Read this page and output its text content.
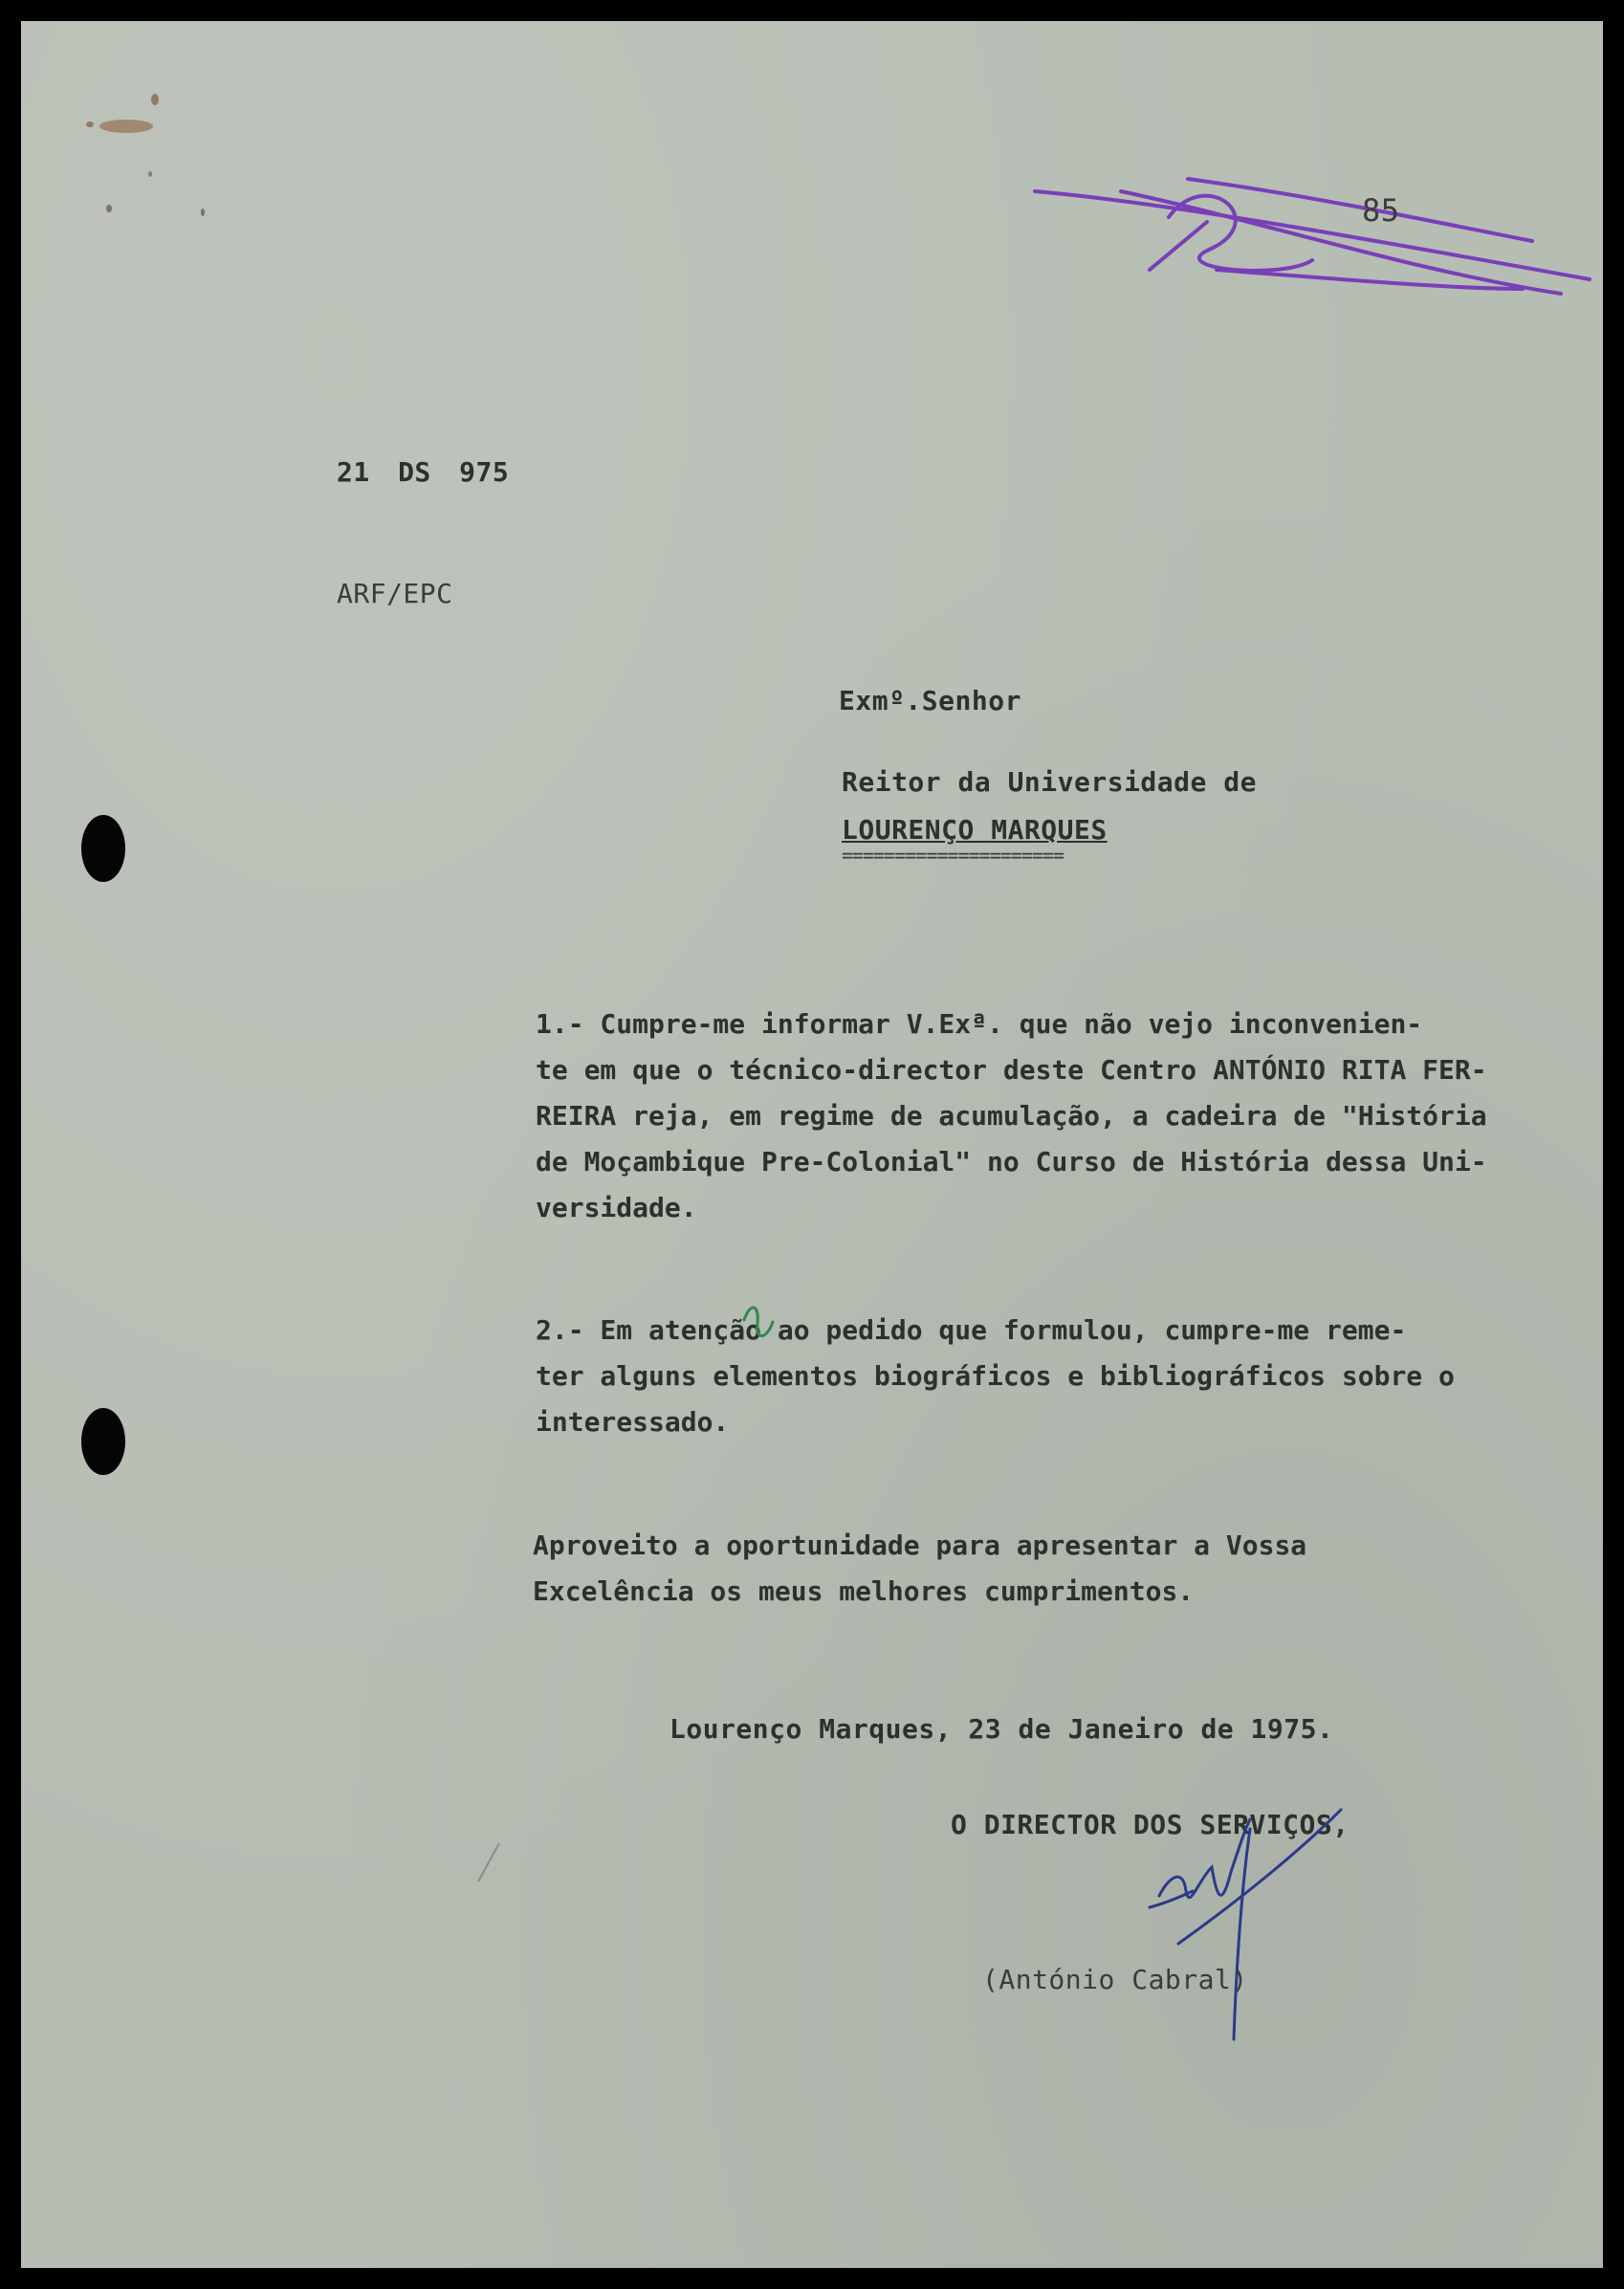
85
21 DS 975
ARF/EPC
Exmº.Senhor
Reitor da Universidade de
LOURENÇO MARQUES
=====================
1.- Cumpre-me informar V.Exª. que não vejo inconvenien-
te em que o técnico-director deste Centro ANTÓNIO RITA FER-
REIRA reja, em regime de acumulação, a cadeira de "História
de Moçambique Pre-Colonial" no Curso de História dessa Uni-
versidade.
2.- Em atenção ao pedido que formulou, cumpre-me reme-
ter alguns elementos biográficos e bibliográficos sobre o
interessado.
Aproveito a oportunidade para apresentar a Vossa
Excelência os meus melhores cumprimentos.
Lourenço Marques, 23 de Janeiro de 1975.
O DIRECTOR DOS SERVIÇOS,
(António Cabral)
